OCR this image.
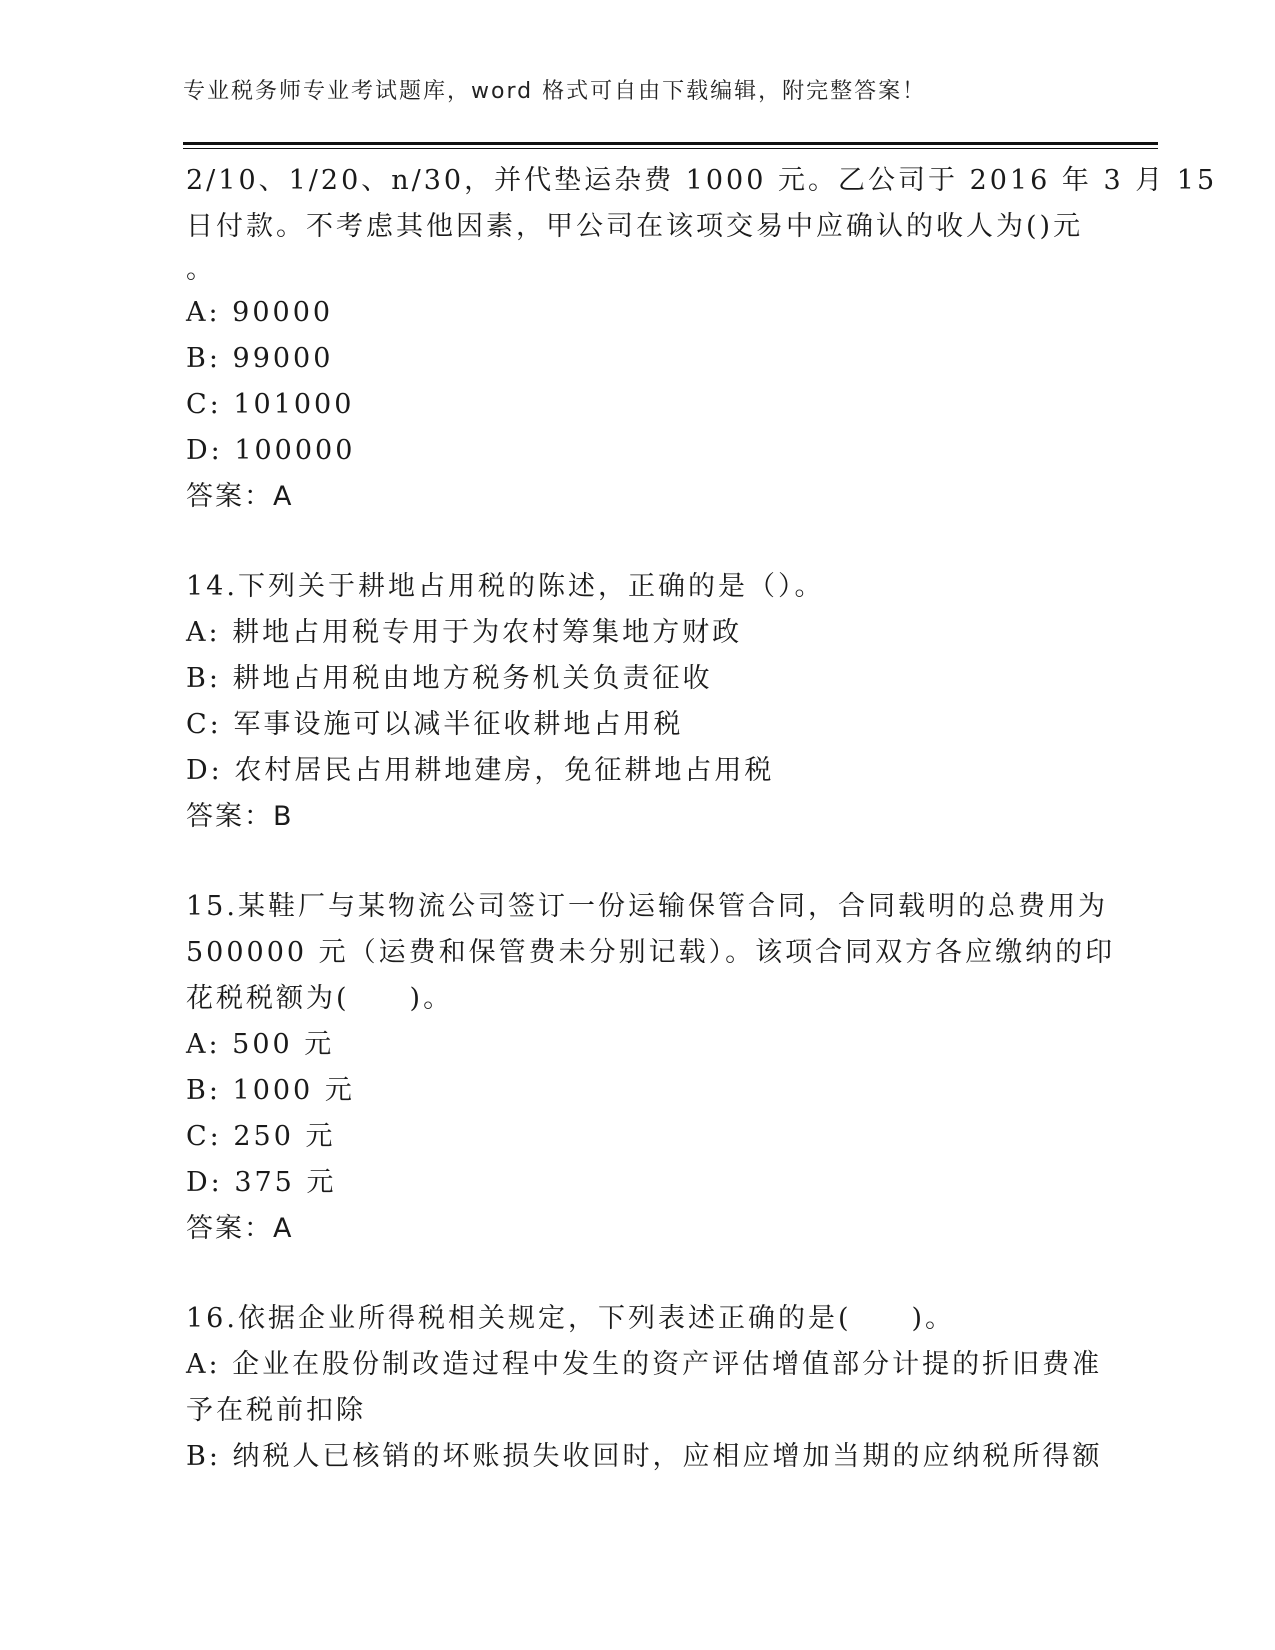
专业税务师专业考试题库，word 格式可自由下载编辑，附完整答案！
2/10、1/20、n/30，并代垫运杂费 1000 元。乙公司于 2016 年 3 月 15
日付款。不考虑其他因素，甲公司在该项交易中应确认的收人为()元
。
A: 90000
B: 99000
C: 101000
D: 100000
答案：A
14.下列关于耕地占用税的陈述，正确的是（）。
A: 耕地占用税专用于为农村筹集地方财政
B: 耕地占用税由地方税务机关负责征收
C: 军事设施可以减半征收耕地占用税
D: 农村居民占用耕地建房，免征耕地占用税
答案：B
15.某鞋厂与某物流公司签订一份运输保管合同，合同载明的总费用为
500000 元（运费和保管费未分别记载）。该项合同双方各应缴纳的印
花税税额为(　　)。
A: 500 元
B: 1000 元
C: 250 元
D: 375 元
答案：A
16.依据企业所得税相关规定，下列表述正确的是(　　)。
A: 企业在股份制改造过程中发生的资产评估增值部分计提的折旧费准
予在税前扣除
B: 纳税人已核销的坏账损失收回时，应相应增加当期的应纳税所得额
